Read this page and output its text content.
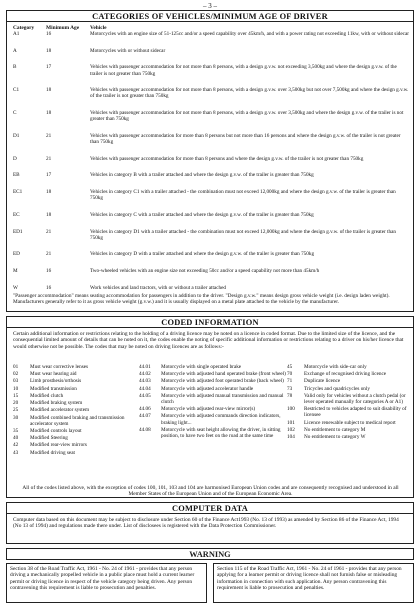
– 3 –
CATEGORIES OF VEHICLES/MINIMUM AGE OF DRIVER
Category	Minimum Age	Vehicle
A1	16	Motorcycles with an engine size of 51-125cc and/or a speed capability over 45km/h, and with a power rating not exceeding 11kw, with or without sidecar
A	18	Motorcycles with or without sidecar
B	17	Vehicles with passenger accommodation for not more than 8 persons, with a design g.v.w. not exceeding 3,500kg and where the design g.v.w. of the trailer is not greater than 750kg
C1	18	Vehicles with passenger accommodation for not more than 8 persons, with a design g.v.w. over 3,500kg but not over 7,500kg and where the design g.v.w. of the trailer is not greater than 750kg
C	18	Vehicles with passenger accommodation for not more than 8 persons, with a design g.v.w. over 3,500kg and where the design g.v.w. of the trailer is not greater than 750kg
D1	21	Vehicles with passenger accommodation for more than 8 persons but not more than 16 persons and where the design g.v.w. of the trailer is not greater than 750kg
D	21	Vehicles with passenger accommodation for more than 8 persons and where the design g.v.w. of the trailer is not greater than 750kg
EB	17	Vehicles in category B with a trailer attached and where the design g.v.w. of the trailer is greater than 750kg
EC1	18	Vehicles in category C1 with a trailer attached - the combination must not exceed 12,000kg and where the design g.v.w. of the trailer is greater than 750kg
EC	18	Vehicles in category C with a trailer attached and where the design g.v.w. of the trailer is greater than 750kg
ED1	21	Vehicles in category D1 with a trailer attached - the combination must not exceed 12,000kg and where the design g.v.w. of the trailer is greater than 750kg
ED	21	Vehicles in category D with a trailer attached and where the design g.v.w. of the trailer is greater than 750kg
M	16	Two-wheeled vehicles with an engine size not exceeding 50cc and/or a speed capability not more than 45km/h
W	16	Work vehicles and land tractors, with or without a trailer attached
"Passenger accommodation" means seating accommodation for passengers in addition to the driver. "Design g.v.w." means design gross vehicle weight (i.e. design laden weight). Manufacturers generally refer to it as gross vehicle weight (g.v.w.) and it is usually displayed on a metal plate attached to the vehicle by the manufacturer.
CODED INFORMATION
Certain additional information or restrictions relating to the holding of a driving licence may be noted on a licence in coded format. Due to the limited size of the licence, and the consequential limited amount of details that can be noted on it, the codes enable the noting of specific additional information or restrictions relating to a driver on his/her licence that would otherwise not be possible. The codes that may be noted on driving licences are as follows:-
01	Must wear corrective lenses
02	Must wear hearing aid
03	Limb prosthesis/orthosis
10	Modified transmission
15	Modified clutch
20	Modified braking system
25	Modified accelerator system
30	Modified combined braking and transmission accelerator system
35	Modified controls layout
40	Modified Steering
42	Modified rear-view mirrors
43	Modified driving seat
44.01	Motorcycle with single operated brake
44.02	Motorcycle with adjusted hand operated brake (front wheel)
44.03	Motorcycle with adjusted foot operated brake (back wheel)
44.04	Motorcycle with adjusted accelerator handle
44.05	Motorcycle with adjusted manual transmission and manual clutch
44.06	Motorcycle with adjusted rear-view mirror(s)
44.07	Motorcycle with adjusted commands direction indicators, braking light...
44.08	Motorcycle with seat height allowing the driver, in sitting position, to have two feet on the road at the same time
45	Motorcycle with side-car only
70	Exchange of recognised driving licence
71	Duplicate licence
73	Tricycles and quadricycles only
78	Valid only for vehicles without a clutch pedal (or lever operated manually for categories A or A1)
100	Restricted to vehicles adapted to suit disability of licensee
101	Licence renewable subject to medical report
102	No entitlement to category M
104	No entitlement to category W
All of the codes listed above, with the exception of codes 100, 101, 103 and 104 are harmonised European Union codes and are consequently recognised and understood in all Member States of the European Union and of the European Economic Area.
COMPUTER DATA
Computer data based on this document may be subject to disclosure under Section 60 of the Finance Act1993 (No. 13 of 1993) as amended by Section 86 of the Finance Act, 1994 (No 13 of 1994) and regulations made there under. List of disclosees is registered with the Data Protection Commissioner.
WARNING
Section 38 of the Road Traffic Act, 1961 - No. 24 of 1961 - provides that any person driving a mechanically propelled vehicle in a public place must hold a current learner permit or driving licence in respect of the vehicle category being driven. Any person contravening this requirement is liable to prosecution and penalties.
Section 115 of the Road Traffic Act, 1961 - No. 24 of 1961 - provides that any person applying for a learner permit or driving licence shall not furnish false or misleading information in connection with such application. Any person contravening this requirement is liable to prosecution and penalties.
